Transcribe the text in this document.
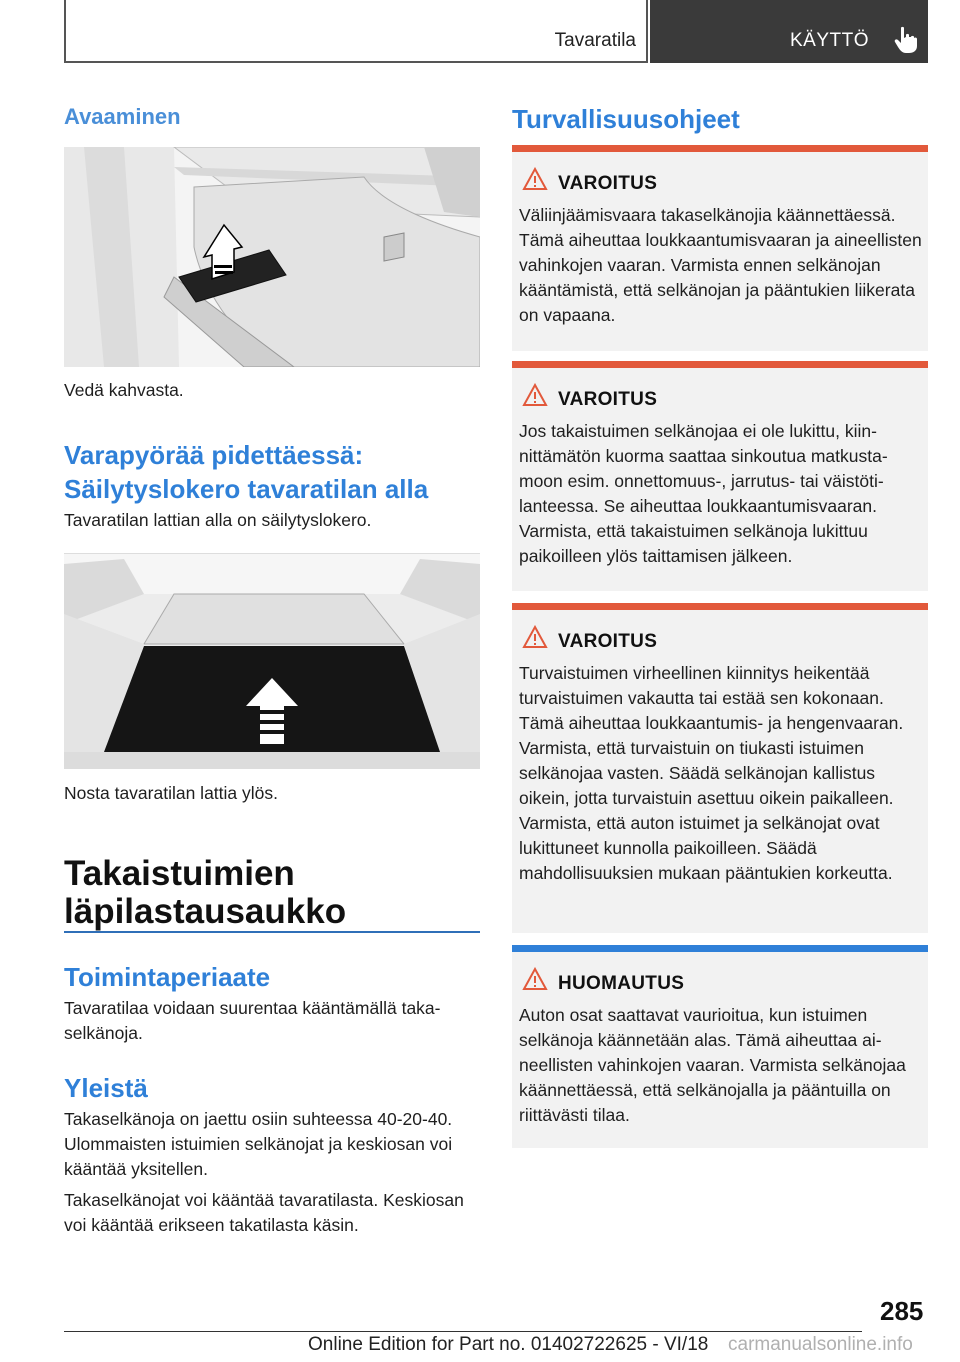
Tavaratila	KÄYTTÖ
Avaaminen

Vedä kahvasta.

Varapyörää pidettäessä: Säilytyslokero tavaratilan alla

Tavaratilan lattian alla on säilytyslokero.

Nosta tavaratilan lattia ylös.

Takaistuimien läpilastausaukko
Toimintaperiaate

Tavaratilaa voidaan suurentaa kääntämällä takaselkänoja.

Yleistä

Takaselkänoja on jaettu osiin suhteessa 40‑20‑40. Ulommaisten istuimien selkänojat ja keskiosan voi kääntää yksitellen.

Takaselkänojat voi kääntää tavaratilasta. Keskiosan voi kääntää erikseen takatilasta käsin.

Turvallisuusohjeet
VAROITUS
Väliinjäämisvaara takaselkänojia käännettäessä. Tämä aiheuttaa loukkaantumisvaaran ja aineellisten vahinkojen vaaran. Varmista ennen selkänojan kääntämistä, että selkänojan ja pääntukien liikerata on vapaana.
VAROITUS
Jos takaistuimen selkänojaa ei ole lukittu, kiinnittämätön kuorma saattaa sinkoutua matkustamoon esim. onnettomuus-, jarrutus- tai väistötilanteessa. Se aiheuttaa loukkaantumisvaaran. Varmista, että takaistuimen selkänoja lukittuu paikoilleen ylös taittamisen jälkeen.
VAROITUS
Turvaistuimen virheellinen kiinnitys heikentää turvaistuimen vakautta tai estää sen kokonaan. Tämä aiheuttaa loukkaantumis- ja hengenvaaran. Varmista, että turvaistuin on tiukasti istuimen selkänojaa vasten. Säädä selkänojan kallistus oikein, jotta turvaistuin asettuu oikein paikalleen. Varmista, että auton istuimet ja selkänojat ovat lukittuneet kunnolla paikoilleen. Säädä mahdollisuuksien mukaan pääntukien korkeutta.
HUOMAUTUS
Auton osat saattavat vaurioitua, kun istuimen selkänoja käännetään alas. Tämä aiheuttaa aineellisten vahinkojen vaaran. Varmista selkänojaa käännettäessä, että selkänojalla ja pääntuilla on riittävästi tilaa.
285
Online Edition for Part no. 01402722625 - VI/18 carmanualsonline.info
